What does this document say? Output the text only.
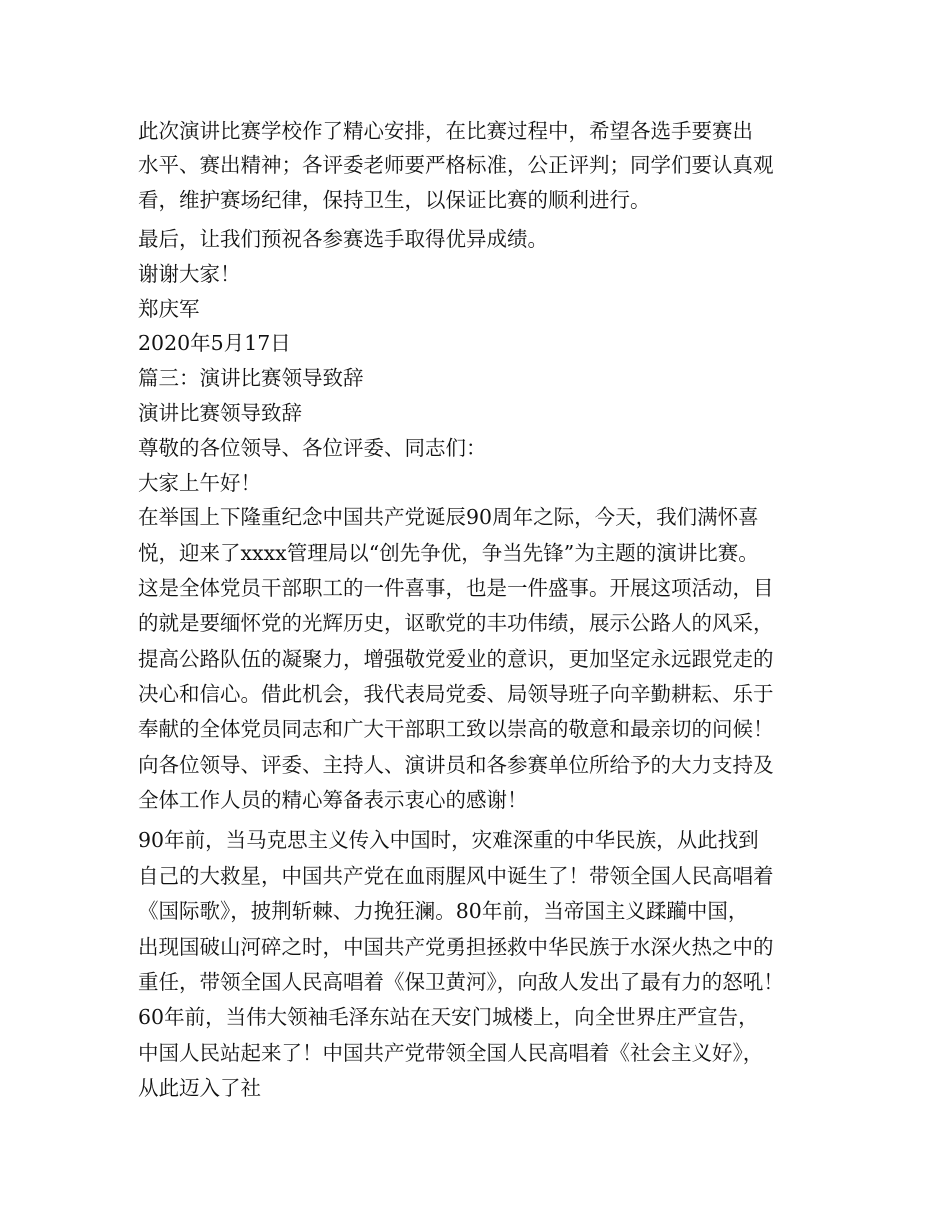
此次演讲比赛学校作了精心安排，在比赛过程中，希望各选手要赛出
水平、赛出精神；各评委老师要严格标准，公正评判；同学们要认真观
看，维护赛场纪律，保持卫生，以保证比赛的顺利进行。
最后，让我们预祝各参赛选手取得优异成绩。
谢谢大家！
郑庆军
2020年5月17日
篇三：演讲比赛领导致辞
演讲比赛领导致辞
尊敬的各位领导、各位评委、同志们：
大家上午好！
在举国上下隆重纪念中国共产党诞辰90周年之际，今天，我们满怀喜
悦，迎来了xxxx管理局以“创先争优，争当先锋”为主题的演讲比赛。
这是全体党员干部职工的一件喜事，也是一件盛事。开展这项活动，目
的就是要缅怀党的光辉历史，讴歌党的丰功伟绩，展示公路人的风采，
提高公路队伍的凝聚力，增强敬党爱业的意识，更加坚定永远跟党走的
决心和信心。借此机会，我代表局党委、局领导班子向辛勤耕耘、乐于
奉献的全体党员同志和广大干部职工致以崇高的敬意和最亲切的问候！
向各位领导、评委、主持人、演讲员和各参赛单位所给予的大力支持及
全体工作人员的精心筹备表示衷心的感谢！
90年前，当马克思主义传入中国时，灾难深重的中华民族，从此找到
自己的大救星，中国共产党在血雨腥风中诞生了！带领全国人民高唱着
《国际歌》，披荆斩棘、力挽狂澜。80年前，当帝国主义蹂躏中国，
出现国破山河碎之时，中国共产党勇担拯救中华民族于水深火热之中的
重任，带领全国人民高唱着《保卫黄河》，向敌人发出了最有力的怒吼！
60年前，当伟大领袖毛泽东站在天安门城楼上，向全世界庄严宣告，
中国人民站起来了！中国共产党带领全国人民高唱着《社会主义好》，
从此迈入了社
